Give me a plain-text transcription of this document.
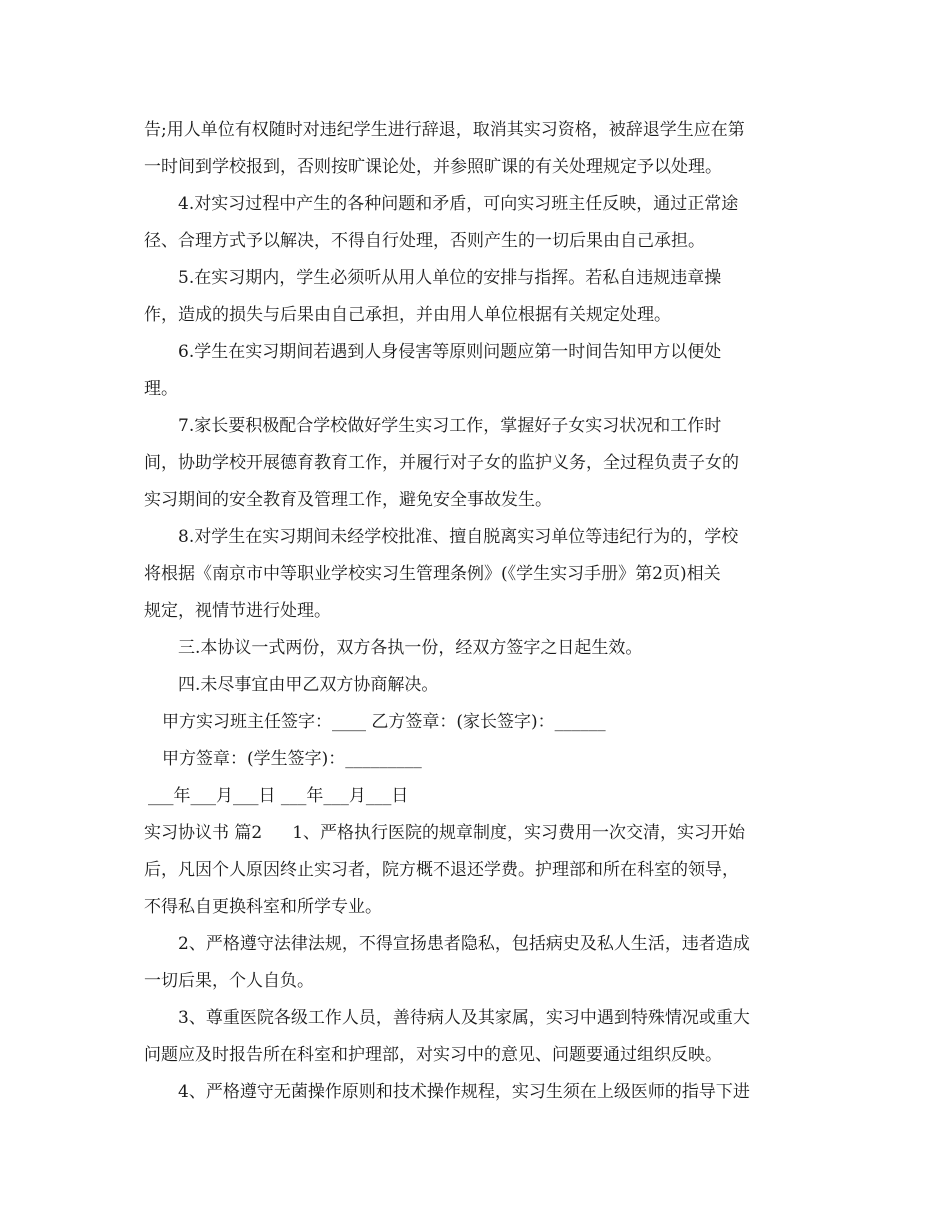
告;用人单位有权随时对违纪学生进行辞退，取消其实习资格，被辞退学生应在第
一时间到学校报到，否则按旷课论处，并参照旷课的有关处理规定予以处理。
4.对实习过程中产生的各种问题和矛盾，可向实习班主任反映，通过正常途
径、合理方式予以解决，不得自行处理，否则产生的一切后果由自己承担。
5.在实习期内，学生必须听从用人单位的安排与指挥。若私自违规违章操
作，造成的损失与后果由自己承担，并由用人单位根据有关规定处理。
6.学生在实习期间若遇到人身侵害等原则问题应第一时间告知甲方以便处
理。
7.家长要积极配合学校做好学生实习工作，掌握好子女实习状况和工作时
间，协助学校开展德育教育工作，并履行对子女的监护义务，全过程负责子女的
实习期间的安全教育及管理工作，避免安全事故发生。
8.对学生在实习期间未经学校批准、擅自脱离实习单位等违纪行为的，学校
将根据《南京市中等职业学校实习生管理条例》(《学生实习手册》第2页)相关
规定，视情节进行处理。
三.本协议一式两份，双方各执一份，经双方签字之日起生效。
四.未尽事宜由甲乙双方协商解决。
甲方实习班主任签字：____ 乙方签章：(家长签字)：______
甲方签章：(学生签字)：_________
___年___月___日 ___年___月___日
实习协议书 篇2 1、严格执行医院的规章制度，实习费用一次交清，实习开始
后，凡因个人原因终止实习者，院方概不退还学费。护理部和所在科室的领导，
不得私自更换科室和所学专业。
2、严格遵守法律法规，不得宣扬患者隐私，包括病史及私人生活，违者造成
一切后果，个人自负。
3、尊重医院各级工作人员，善待病人及其家属，实习中遇到特殊情况或重大
问题应及时报告所在科室和护理部，对实习中的意见、问题要通过组织反映。
4、严格遵守无菌操作原则和技术操作规程，实习生须在上级医师的指导下进
